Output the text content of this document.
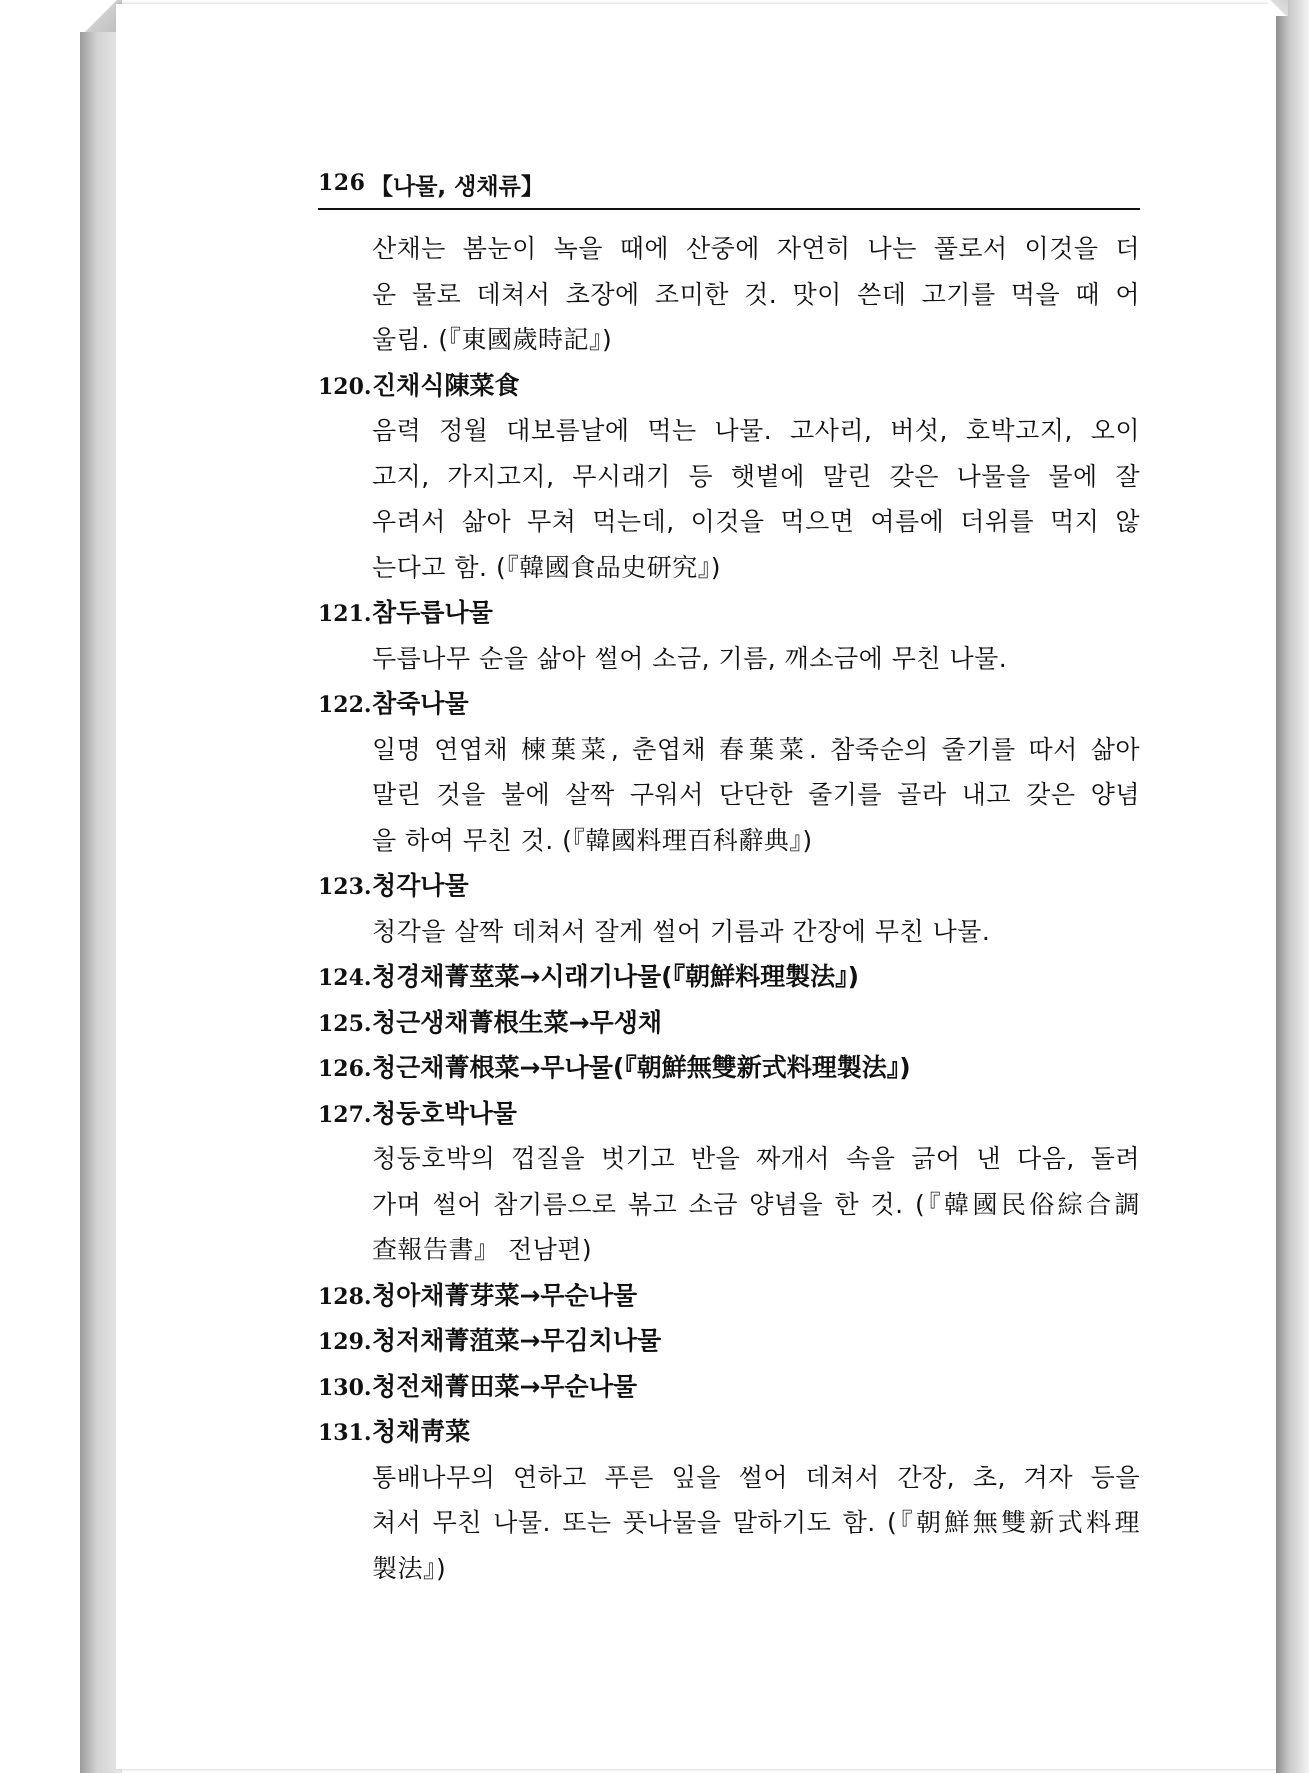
126 【나물, 생채류】
산채는 봄눈이 녹을 때에 산중에 자연히 나는 풀로서 이것을 더
운 물로 데쳐서 초장에 조미한 것. 맛이 쓴데 고기를 먹을 때 어
울림. (『東國歲時記』)
120.진채식陳菜食
음력 정월 대보름날에 먹는 나물. 고사리, 버섯, 호박고지, 오이
고지, 가지고지, 무시래기 등 햇볕에 말린 갖은 나물을 물에 잘
우려서 삶아 무쳐 먹는데, 이것을 먹으면 여름에 더위를 먹지 않
는다고 함. (『韓國食品史研究』)
121.참두릅나물
두릅나무 순을 삶아 썰어 소금, 기름, 깨소금에 무친 나물.
122.참죽나물
일명 연엽채 楝葉菜, 춘엽채 春葉菜. 참죽순의 줄기를 따서 삶아
말린 것을 불에 살짝 구워서 단단한 줄기를 골라 내고 갖은 양념
을 하여 무친 것. (『韓國料理百科辭典』)
123.청각나물
청각을 살짝 데쳐서 잘게 썰어 기름과 간장에 무친 나물.
124.청경채菁莖菜→시래기나물(『朝鮮料理製法』)
125.청근생채菁根生菜→무생채
126.청근채菁根菜→무나물(『朝鮮無雙新式料理製法』)
127.청둥호박나물
청둥호박의 껍질을 벗기고 반을 짜개서 속을 긁어 낸 다음, 돌려
가며 썰어 참기름으로 볶고 소금 양념을 한 것. (『韓國民俗綜合調
查報告書』 전남편)
128.청아채菁芽菜→무순나물
129.청저채菁菹菜→무김치나물
130.청전채菁田菜→무순나물
131.청채靑菜
통배나무의 연하고 푸른 잎을 썰어 데쳐서 간장, 초, 겨자 등을
쳐서 무친 나물. 또는 풋나물을 말하기도 함. (『朝鮮無雙新式料理
製法』)
